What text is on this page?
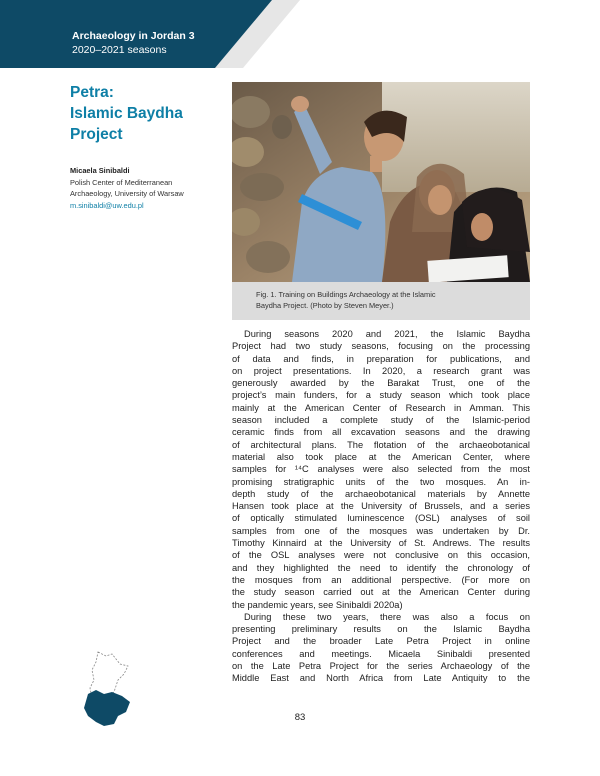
Archaeology in Jordan 3
2020–2021 seasons
Petra:
Islamic Baydha
Project
Micaela Sinibaldi
Polish Center of Mediterranean
Archaeology, University of Warsaw
m.sinibaldi@uw.edu.pl
Fig. 1. Training on Buildings Archaeology at the Islamic
Baydha Project. (Photo by Steven Meyer.)
During seasons 2020 and 2021, the Islamic Baydha
Project had two study seasons, focusing on the processing
of data and finds, in preparation for publications, and
on project presentations. In 2020, a research grant was
generously awarded by the Barakat Trust, one of the
project’s main funders, for a study season which took place
mainly at the American Center of Research in Amman. This
season included a complete study of the Islamic-period
ceramic finds from all excavation seasons and the drawing
of architectural plans. The flotation of the archaeobotanical
material also took place at the American Center, where
samples for ¹⁴C analyses were also selected from the most
promising stratigraphic units of the two mosques. An in-
depth study of the archaeobotanical materials by Annette
Hansen took place at the University of Brussels, and a series
of optically stimulated luminescence (OSL) analyses of soil
samples from one of the mosques was undertaken by Dr.
Timothy Kinnaird at the University of St. Andrews. The results
of the OSL analyses were not conclusive on this occasion,
and they highlighted the need to identify the chronology of
the mosques from an additional perspective. (For more on
the study season carried out at the American Center during
the pandemic years, see Sinibaldi 2020a)
During these two years, there was also a focus on
presenting preliminary results on the Islamic Baydha
Project and the broader Late Petra Project in online
conferences and meetings. Micaela Sinibaldi presented
on the Late Petra Project for the series Archaeology of the
Middle East and North Africa from Late Antiquity to the
83
